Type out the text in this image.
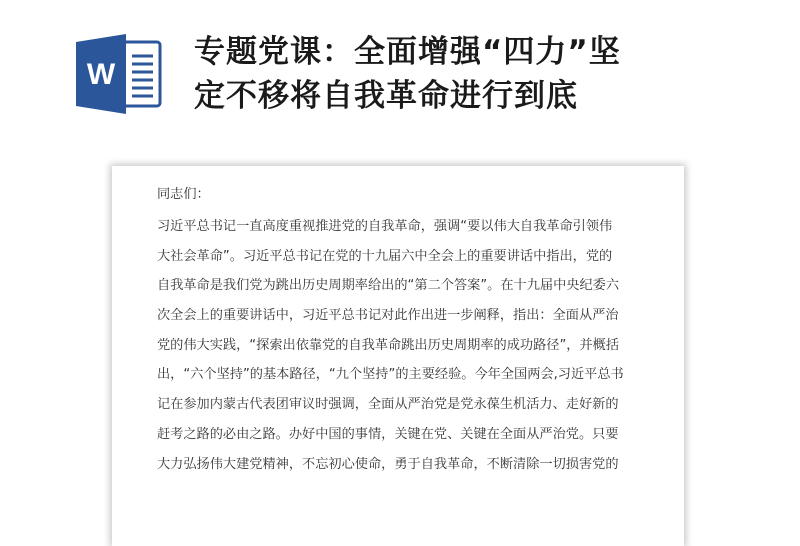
W
专题党课：全面增强“四力”坚
定不移将自我革命进行到底
同志们：
习近平总书记一直高度重视推进党的自我革命，强调“要以伟大自我革命引领伟
大社会革命”。习近平总书记在党的十九届六中全会上的重要讲话中指出，党的
自我革命是我们党为跳出历史周期率给出的“第二个答案”。在十九届中央纪委六
次全会上的重要讲话中，习近平总书记对此作出进一步阐释，指出：全面从严治
党的伟大实践，“探索出依靠党的自我革命跳出历史周期率的成功路径”，并概括
出，“六个坚持”的基本路径，“九个坚持”的主要经验。今年全国两会,习近平总书
记在参加内蒙古代表团审议时强调，全面从严治党是党永葆生机活力、走好新的
赶考之路的必由之路。办好中国的事情，关键在党、关键在全面从严治党。只要
大力弘扬伟大建党精神，不忘初心使命，勇于自我革命，不断清除一切损害党的
